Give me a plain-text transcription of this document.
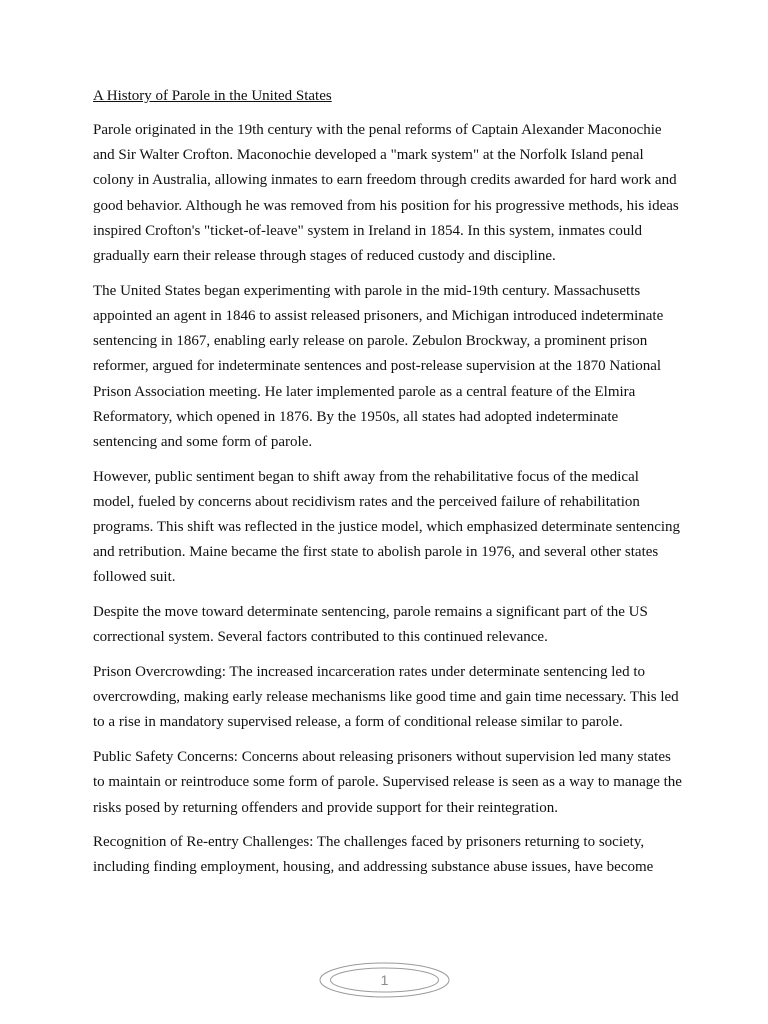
A History of Parole in the United States

Parole originated in the 19th century with the penal reforms of Captain Alexander Maconochie and Sir Walter Crofton. Maconochie developed a "mark system" at the Norfolk Island penal colony in Australia, allowing inmates to earn freedom through credits awarded for hard work and good behavior. Although he was removed from his position for his progressive methods, his ideas inspired Crofton's "ticket-of-leave" system in Ireland in 1854. In this system, inmates could gradually earn their release through stages of reduced custody and discipline.

The United States began experimenting with parole in the mid-19th century. Massachusetts appointed an agent in 1846 to assist released prisoners, and Michigan introduced indeterminate sentencing in 1867, enabling early release on parole. Zebulon Brockway, a prominent prison reformer, argued for indeterminate sentences and post-release supervision at the 1870 National Prison Association meeting. He later implemented parole as a central feature of the Elmira Reformatory, which opened in 1876. By the 1950s, all states had adopted indeterminate sentencing and some form of parole.

However, public sentiment began to shift away from the rehabilitative focus of the medical model, fueled by concerns about recidivism rates and the perceived failure of rehabilitation programs. This shift was reflected in the justice model, which emphasized determinate sentencing and retribution. Maine became the first state to abolish parole in 1976, and several other states followed suit.

Despite the move toward determinate sentencing, parole remains a significant part of the US correctional system. Several factors contributed to this continued relevance.

Prison Overcrowding: The increased incarceration rates under determinate sentencing led to overcrowding, making early release mechanisms like good time and gain time necessary. This led to a rise in mandatory supervised release, a form of conditional release similar to parole.

Public Safety Concerns: Concerns about releasing prisoners without supervision led many states to maintain or reintroduce some form of parole. Supervised release is seen as a way to manage the risks posed by returning offenders and provide support for their reintegration.

Recognition of Re-entry Challenges: The challenges faced by prisoners returning to society, including finding employment, housing, and addressing substance abuse issues, have become

1
